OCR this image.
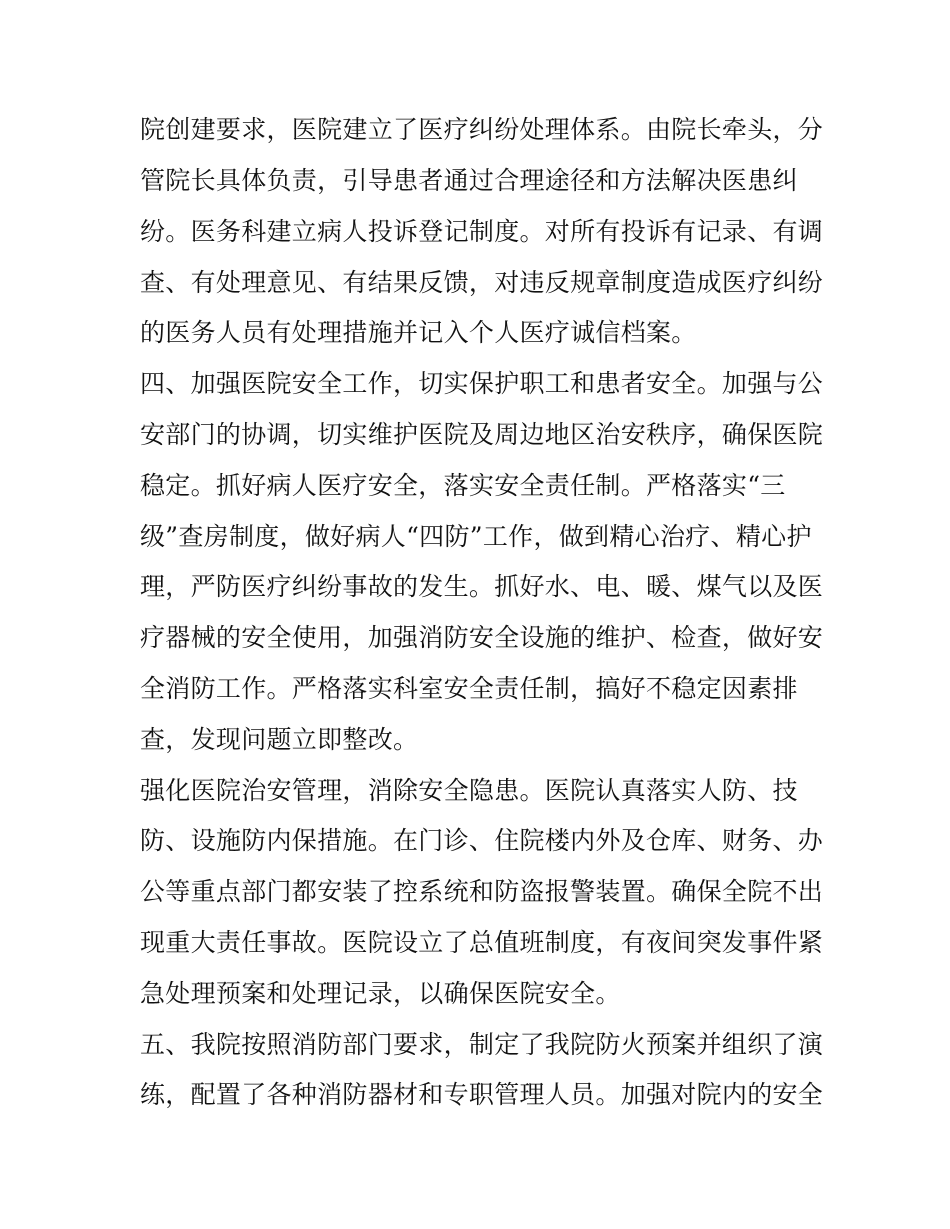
院创建要求，医院建立了医疗纠纷处理体系。由院长牵头，分
管院长具体负责，引导患者通过合理途径和方法解决医患纠
纷。医务科建立病人投诉登记制度。对所有投诉有记录、有调
查、有处理意见、有结果反馈，对违反规章制度造成医疗纠纷
的医务人员有处理措施并记入个人医疗诚信档案。
四、加强医院安全工作，切实保护职工和患者安全。加强与公
安部门的协调，切实维护医院及周边地区治安秩序，确保医院
稳定。抓好病人医疗安全，落实安全责任制。严格落实“三
级”查房制度，做好病人“四防”工作，做到精心治疗、精心护
理，严防医疗纠纷事故的发生。抓好水、电、暖、煤气以及医
疗器械的安全使用，加强消防安全设施的维护、检查，做好安
全消防工作。严格落实科室安全责任制，搞好不稳定因素排
查，发现问题立即整改。
强化医院治安管理，消除安全隐患。医院认真落实人防、技
防、设施防内保措施。在门诊、住院楼内外及仓库、财务、办
公等重点部门都安装了控系统和防盗报警装置。确保全院不出
现重大责任事故。医院设立了总值班制度，有夜间突发事件紧
急处理预案和处理记录，以确保医院安全。
五、我院按照消防部门要求，制定了我院防火预案并组织了演
练，配置了各种消防器材和专职管理人员。加强对院内的安全
